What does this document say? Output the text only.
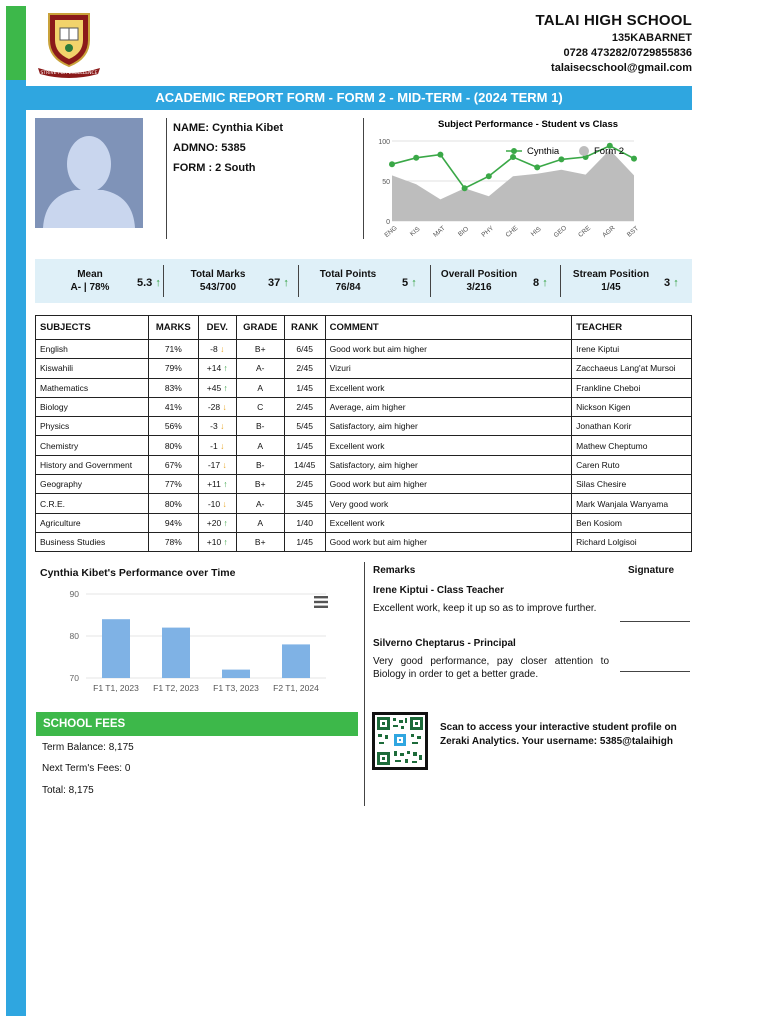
STRIVE FOR EXCELLENCE
TALAI HIGH SCHOOL
135KABARNET
0728 473282/0729855836
talaisecschool@gmail.com
ACADEMIC REPORT FORM - FORM 2 - MID-TERM - (2024 TERM 1)
NAME: Cynthia Kibet
ADMNO: 5385
FORM : 2 South
Subject Performance - Student vs Class
0
50
100
ENG KIS MAT BIO PHY CHE HIS GEO CRE AGR BST
Cynthia	Form 2
Mean
A- | 78%	5.3 ↑
Total Marks
543/700	37 ↑
Total Points
76/84	5 ↑
Overall Position
3/216	8 ↑
Stream Position
1/45	3 ↑
SUBJECTS	MARKS	DEV.	GRADE	RANK	COMMENT	TEACHER
English	71%	-8 ↓	B+	6/45	Good work but aim higher	Irene Kiptui
Kiswahili	79%	+14 ↑	A-	2/45	Vizuri	Zacchaeus Lang'at Mursoi
Mathematics	83%	+45 ↑	A	1/45	Excellent work	Frankline Cheboi
Biology	41%	-28 ↓	C	2/45	Average, aim higher	Nickson Kigen
Physics	56%	-3 ↓	B-	5/45	Satisfactory, aim higher	Jonathan Korir
Chemistry	80%	-1 ↓	A	1/45	Excellent work	Mathew Cheptumo
History and Government	67%	-17 ↓	B-	14/45	Satisfactory, aim higher	Caren Ruto
Geography	77%	+11 ↑	B+	2/45	Good work but aim higher	Silas Chesire
C.R.E.	80%	-10 ↓	A-	3/45	Very good work	Mark Wanjala Wanyama
Agriculture	94%	+20 ↑	A	1/40	Excellent work	Ben Kosiom
Business Studies	78%	+10 ↑	B+	1/45	Good work but aim higher	Richard Lolgisoi
Cynthia Kibet's Performance over Time
70
80
90
F1 T1, 2023 F1 T2, 2023 F1 T3, 2023 F2 T1, 2024
SCHOOL FEES
Term Balance: 8,175
Next Term's Fees: 0
Total: 8,175
Remarks	Signature
Irene Kiptui - Class Teacher
Excellent work, keep it up so as to improve further.
Silverno Cheptarus - Principal
Very good performance, pay closer attention to Biology in order to get a better grade.
Scan to access your interactive student profile on Zeraki Analytics. Your username: 5385@talaihigh
